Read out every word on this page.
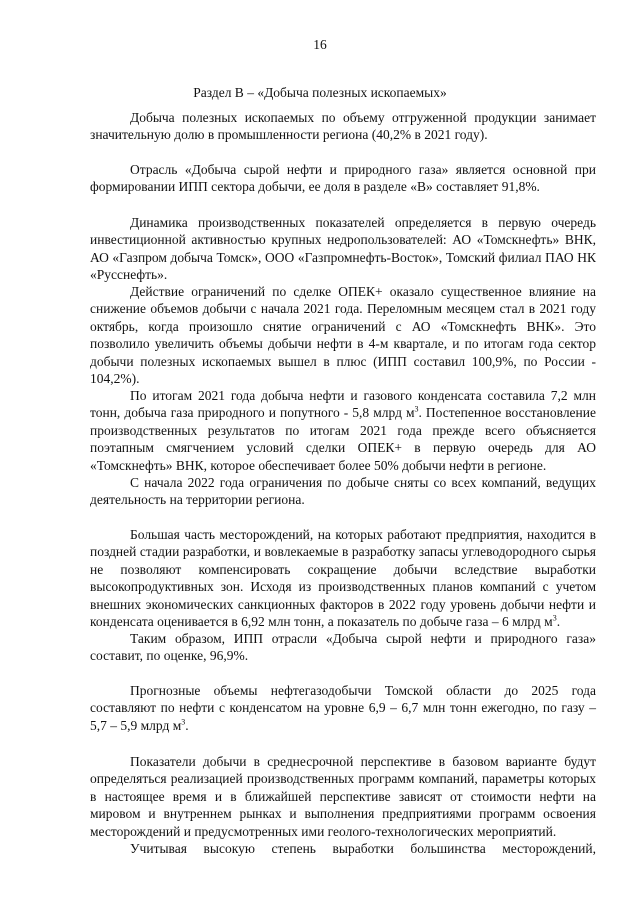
16
Раздел B – «Добыча полезных ископаемых»

Добыча полезных ископаемых по объему отгруженной продукции занимает значительную долю в промышленности региона (40,2% в 2021 году).

Отрасль «Добыча сырой нефти и природного газа» является основной при формировании ИПП сектора добычи, ее доля в разделе «B» составляет 91,8%.

Динамика производственных показателей определяется в первую очередь инвестиционной активностью крупных недропользователей: АО «Томскнефть» ВНК, АО «Газпром добыча Томск», ООО «Газпромнефть-Восток», Томский филиал ПАО НК «Русснефть».

Действие ограничений по сделке ОПЕК+ оказало существенное влияние на снижение объемов добычи с начала 2021 года. Переломным месяцем стал в 2021 году октябрь, когда произошло снятие ограничений с АО «Томскнефть ВНК». Это позволило увеличить объемы добычи нефти в 4-м квартале, и по итогам года сектор добычи полезных ископаемых вышел в плюс (ИПП составил 100,9%, по России - 104,2%).

По итогам 2021 года добыча нефти и газового конденсата составила 7,2 млн тонн, добыча газа природного и попутного - 5,8 млрд $м^3$. Постепенное восстановление производственных результатов по итогам 2021 года прежде всего объясняется поэтапным смягчением условий сделки ОПЕК+ в первую очередь для АО «Томскнефть» ВНК, которое обеспечивает более 50% добычи нефти в регионе.

С начала 2022 года ограничения по добыче сняты со всех компаний, ведущих деятельность на территории региона.

Большая часть месторождений, на которых работают предприятия, находится в поздней стадии разработки, и вовлекаемые в разработку запасы углеводородного сырья не позволяют компенсировать сокращение добычи вследствие выработки высокопродуктивных зон. Исходя из производственных планов компаний с учетом внешних экономических санкционных факторов в 2022 году уровень добычи нефти и конденсата оценивается в 6,92 млн тонн, а показатель по добыче газа – 6 млрд $м^3$.

Таким образом, ИПП отрасли «Добыча сырой нефти и природного газа» составит, по оценке, 96,9%.

Прогнозные объемы нефтегазодобычи Томской области до 2025 года составляют по нефти с конденсатом на уровне 6,9 – 6,7 млн тонн ежегодно, по газу – 5,7 – 5,9 млрд $м^3$.

Показатели добычи в среднесрочной перспективе в базовом варианте будут определяться реализацией производственных программ компаний, параметры которых в настоящее время и в ближайшей перспективе зависят от стоимости нефти на мировом и внутреннем рынках и выполнения предприятиями программ освоения месторождений и предусмотренных ими геолого-технологических мероприятий.

Учитывая высокую степень выработки большинства месторождений,
